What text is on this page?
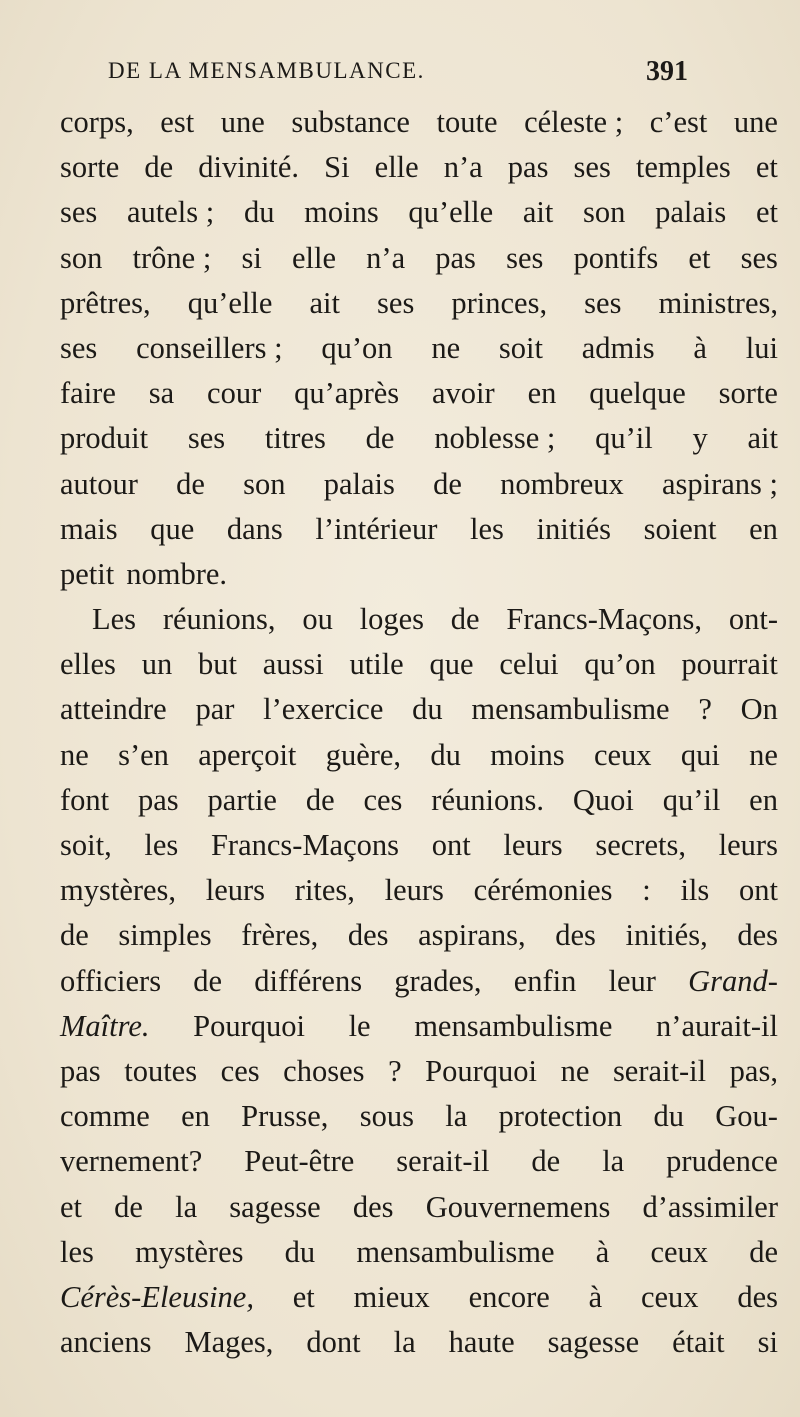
DE LA MENSAMBULANCE.	391
corps, est une substance toute céleste ; c’est une
sorte de divinité. Si elle n’a pas ses temples et
ses autels ; du moins qu’elle ait son palais et
son trône ; si elle n’a pas ses pontifs et ses
prêtres, qu’elle ait ses princes, ses ministres,
ses conseillers ; qu’on ne soit admis à lui
faire sa cour qu’après avoir en quelque sorte
produit ses titres de noblesse ; qu’il y ait
autour de son palais de nombreux aspirans ;
mais que dans l’intérieur les initiés soient en
petit nombre.
Les réunions, ou loges de Francs-Maçons, ont-
elles un but aussi utile que celui qu’on pourrait
atteindre par l’exercice du mensambulisme ? On
ne s’en aperçoit guère, du moins ceux qui ne
font pas partie de ces réunions. Quoi qu’il en
soit, les Francs-Maçons ont leurs secrets, leurs
mystères, leurs rites, leurs cérémonies : ils ont
de simples frères, des aspirans, des initiés, des
officiers de différens grades, enfin leur Grand-
Maître. Pourquoi le mensambulisme n’aurait-il
pas toutes ces choses ? Pourquoi ne serait-il pas,
comme en Prusse, sous la protection du Gou-
vernement? Peut-être serait-il de la prudence
et de la sagesse des Gouvernemens d’assimiler
les mystères du mensambulisme à ceux de
Cérès-Eleusine, et mieux encore à ceux des
anciens Mages, dont la haute sagesse était si
